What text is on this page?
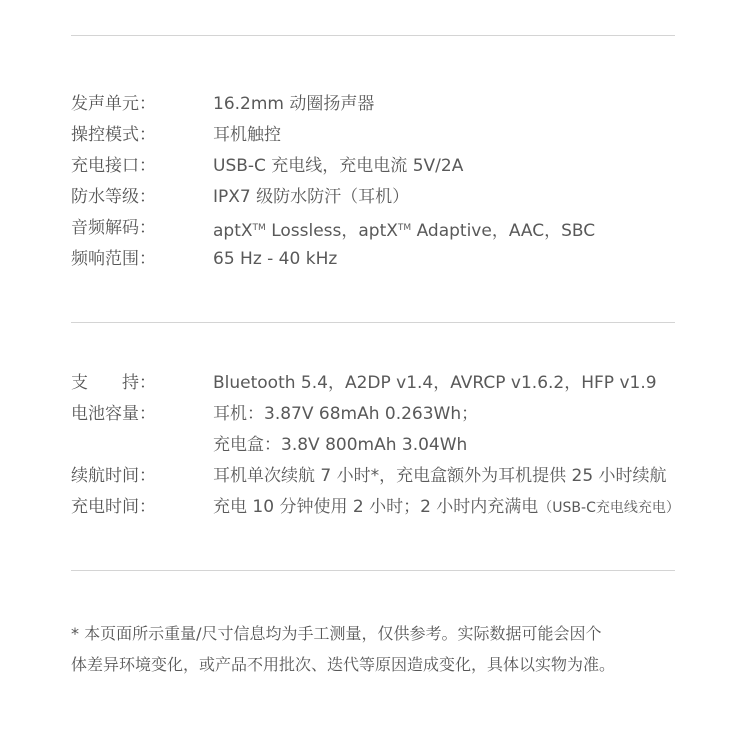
发声单元：	16.2mm 动圈扬声器
操控模式：	耳机触控
充电接口：	USB-C 充电线，充电电流 5V/2A
防水等级：	IPX7 级防水防汗（耳机）
音频解码：	aptX™ Lossless，aptX™ Adaptive，AAC，SBC
频响范围：	65 Hz - 40 kHz
支　　持：	Bluetooth 5.4，A2DP v1.4，AVRCP v1.6.2，HFP v1.9
电池容量：	耳机：3.87V 68mAh 0.263Wh；
充电盒：3.8V 800mAh 3.04Wh
续航时间：	耳机单次续航 7 小时*，充电盒额外为耳机提供 25 小时续航
充电时间：	充电 10 分钟使用 2 小时；2 小时内充满电（USB-C充电线充电）

* 本页面所示重量/尺寸信息均为手工测量，仅供参考。实际数据可能会因个

体差异环境变化，或产品不用批次、迭代等原因造成变化，具体以实物为准。
